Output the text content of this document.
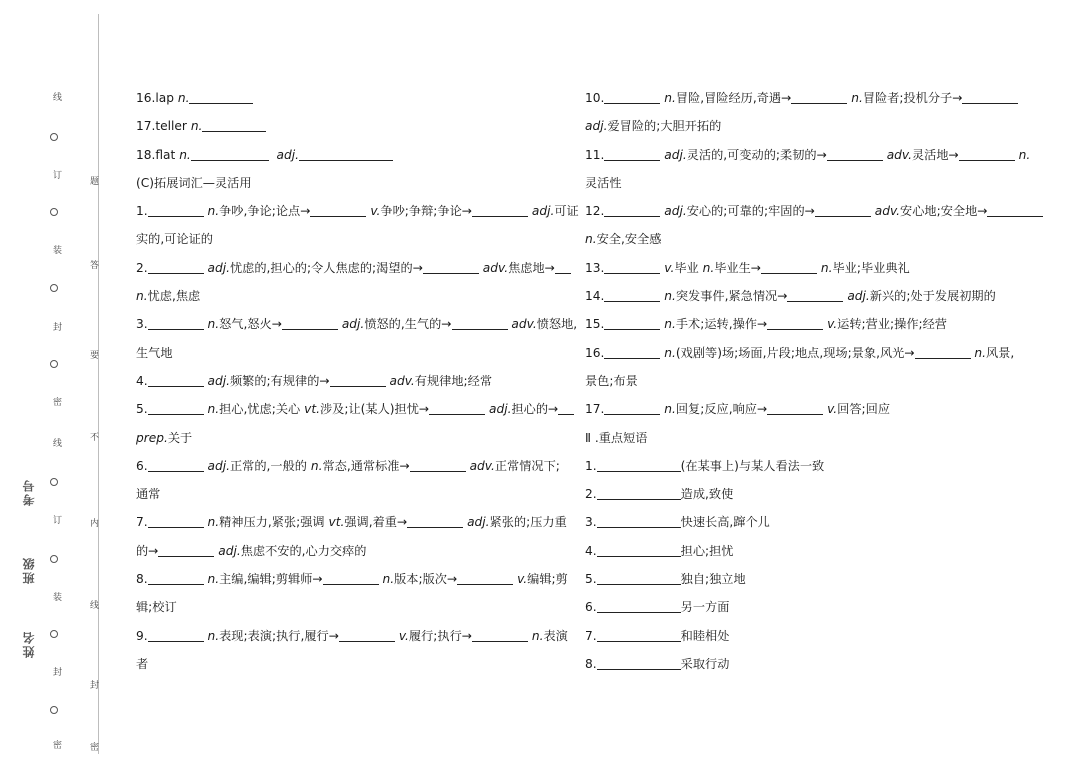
线
订
装
封
密
线
订
装
封
密
题
答
要
不
内
线
封
密
考号
班级
姓名
16.lap n.
17.teller n.
18.flat n.	adj.
(C)拓展词汇—灵活用
1.	n.争吵,争论;论点→	v.争吵;争辩;争论→	adj.可证
实的,可论证的
2.	adj.忧虑的,担心的;令人焦虑的;渴望的→	adv.焦虑地→
n.忧虑,焦虑
3.	n.怒气,怒火→	adj.愤怒的,生气的→	adv.愤怒地,
生气地
4.	adj.频繁的;有规律的→	adv.有规律地;经常
5.	n.担心,忧虑;关心 vt.涉及;让(某人)担忧→	adj.担心的→
prep.关于
6.	adj.正常的,一般的 n.常态,通常标准→	adv.正常情况下;
通常
7.	n.精神压力,紧张;强调 vt.强调,着重→	adj.紧张的;压力重
的→	adj.焦虑不安的,心力交瘁的
8.	n.主编,编辑;剪辑师→	n.版本;版次→	v.编辑;剪
辑;校订
9.	n.表现;表演;执行,履行→	v.履行;执行→	n.表演
者
10.	n.冒险,冒险经历,奇遇→	n.冒险者;投机分子→
adj.爱冒险的;大胆开拓的
11.	adj.灵活的,可变动的;柔韧的→	adv.灵活地→	n.
灵活性
12.	adj.安心的;可靠的;牢固的→	adv.安心地;安全地→
n.安全,安全感
13.	v.毕业 n.毕业生→	n.毕业;毕业典礼
14.	n.突发事件,紧急情况→	adj.新兴的;处于发展初期的
15.	n.手术;运转,操作→	v.运转;营业;操作;经营
16.	n.(戏剧等)场;场面,片段;地点,现场;景象,风光→	n.风景,
景色;布景
17.	n.回复;反应,响应→	v.回答;回应
Ⅱ .重点短语
1.	(在某事上)与某人看法一致
2.	造成,致使
3.	快速长高,蹿个儿
4.	担心;担忧
5.	独自;独立地
6.	另一方面
7.	和睦相处
8.	采取行动
